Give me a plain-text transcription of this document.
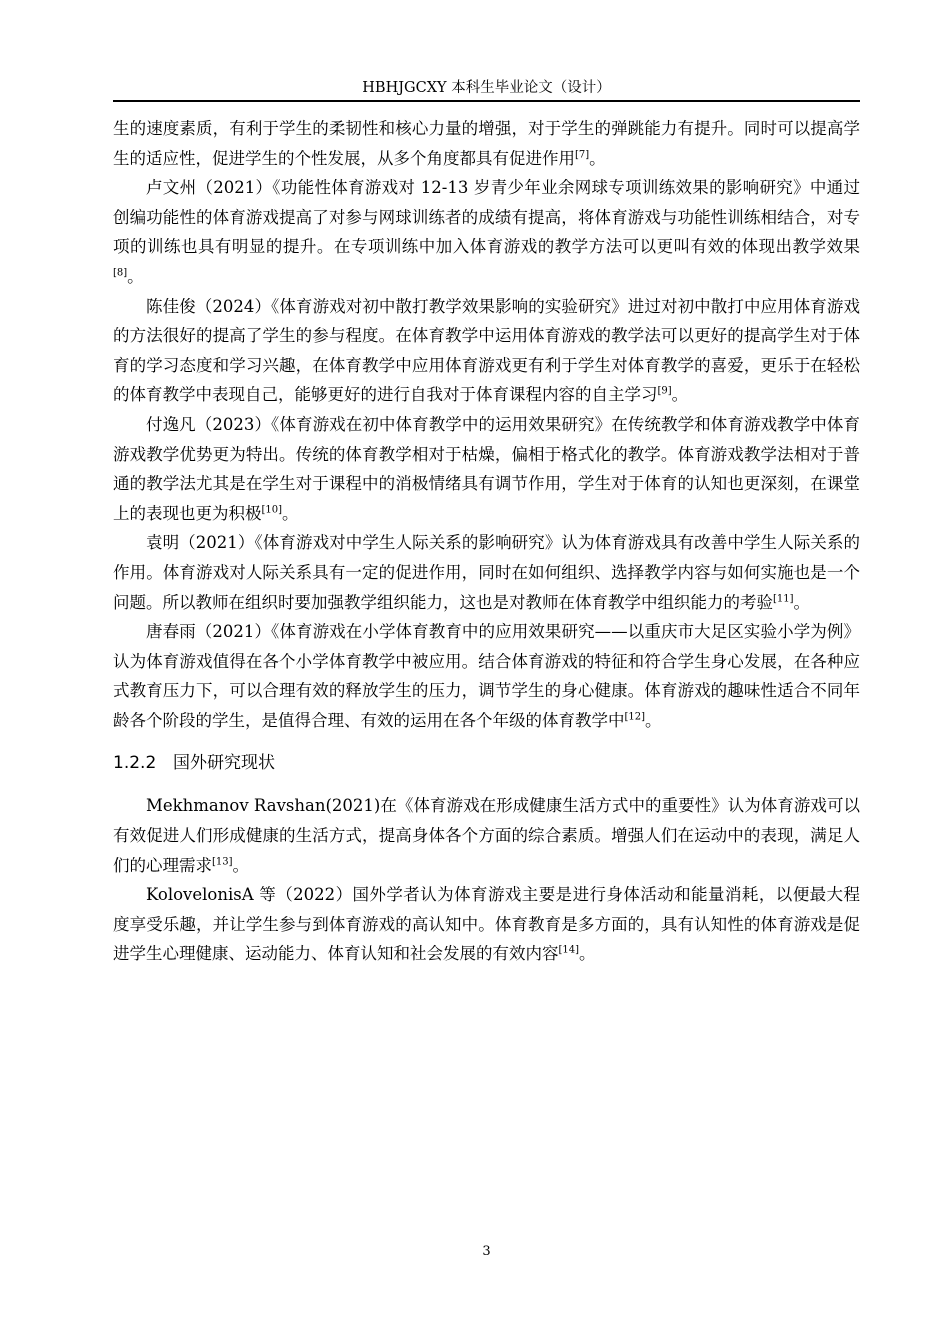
HBHJGCXY 本科生毕业论文（设计）

生的速度素质，有利于学生的柔韧性和核心力量的增强，对于学生的弹跳能力有提升。同时可以提高学生的适应性，促进学生的个性发展，从多个角度都具有促进作用[7]。

卢文州（2021）《功能性体育游戏对 12-13 岁青少年业余网球专项训练效果的影响研究》中通过创编功能性的体育游戏提高了对参与网球训练者的成绩有提高，将体育游戏与功能性训练相结合，对专项的训练也具有明显的提升。在专项训练中加入体育游戏的教学方法可以更叫有效的体现出教学效果[8]。

陈佳俊（2024）《体育游戏对初中散打教学效果影响的实验研究》进过对初中散打中应用体育游戏的方法很好的提高了学生的参与程度。在体育教学中运用体育游戏的教学法可以更好的提高学生对于体育的学习态度和学习兴趣，在体育教学中应用体育游戏更有利于学生对体育教学的喜爱，更乐于在轻松的体育教学中表现自己，能够更好的进行自我对于体育课程内容的自主学习[9]。

付逸凡（2023）《体育游戏在初中体育教学中的运用效果研究》在传统教学和体育游戏教学中体育游戏教学优势更为特出。传统的体育教学相对于枯燥，偏相于格式化的教学。体育游戏教学法相对于普通的教学法尤其是在学生对于课程中的消极情绪具有调节作用，学生对于体育的认知也更深刻，在课堂上的表现也更为积极[10]。

袁明（2021）《体育游戏对中学生人际关系的影响研究》认为体育游戏具有改善中学生人际关系的作用。体育游戏对人际关系具有一定的促进作用，同时在如何组织、选择教学内容与如何实施也是一个问题。所以教师在组织时要加强教学组织能力，这也是对教师在体育教学中组织能力的考验[11]。

唐春雨（2021）《体育游戏在小学体育教育中的应用效果研究——以重庆市大足区实验小学为例》认为体育游戏值得在各个小学体育教学中被应用。结合体育游戏的特征和符合学生身心发展，在各种应式教育压力下，可以合理有效的释放学生的压力，调节学生的身心健康。体育游戏的趣味性适合不同年龄各个阶段的学生，是值得合理、有效的运用在各个年级的体育教学中[12]。

1.2.2 国外研究现状

Mekhmanov Ravshan(2021)在《体育游戏在形成健康生活方式中的重要性》认为体育游戏可以有效促进人们形成健康的生活方式，提高身体各个方面的综合素质。增强人们在运动中的表现，满足人们的心理需求[13]。

KolovelonisA 等（2022）国外学者认为体育游戏主要是进行身体活动和能量消耗，以便最大程度享受乐趣，并让学生参与到体育游戏的高认知中。体育教育是多方面的，具有认知性的体育游戏是促进学生心理健康、运动能力、体育认知和社会发展的有效内容[14]。

3
